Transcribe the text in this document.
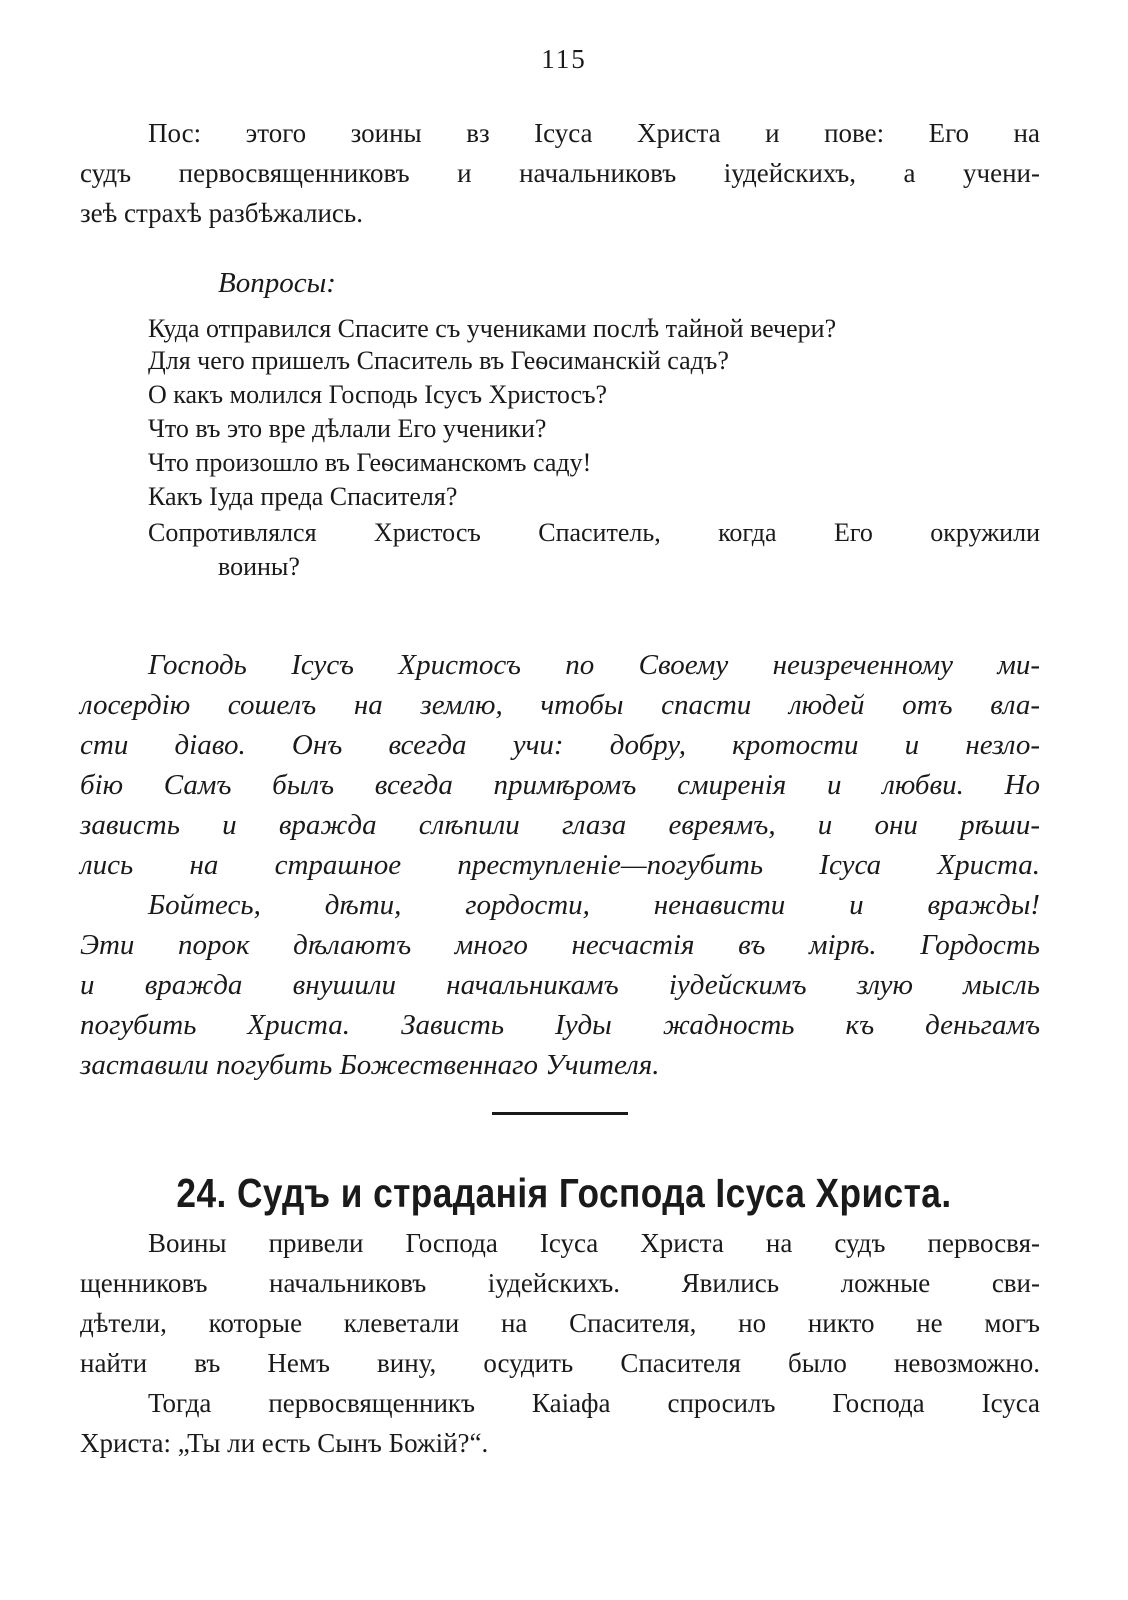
115
Пос: этого зоины вз Iсуса Христа и пове: Его на
судъ первосвященниковъ и начальниковъ iудейскихъ, а учени-
зеѣ страхѣ разбѣжались.
Вопросы:
Куда отправился Спасите съ учениками послѣ тайной вечери?
Для чего пришелъ Спаситель въ Геѳсиманскiй садъ?
О какъ молился Господь Iсусъ Христосъ?
Что въ это вре дѣлали Его ученики?
Что произошло въ Геѳсиманскомъ саду!
Какъ Iуда преда Спасителя?
Сопротивлялся Христосъ Спаситель, когда Его окружили
воины?
Господь Iсусъ Христосъ по Своему неизреченному ми-
лосердiю сошелъ на землю, чтобы спасти людей отъ вла-
сти дiаво. Онъ всегда учи: добру, кротости и незло-
бiю Самъ былъ всегда примѣромъ смиренiя и любви. Но
зависть и вражда слѣпили глаза евреямъ, и они рѣши-
лись на страшное преступленiе—погубить Iсуса Христа.
Бойтесь, дѣти, гордости, ненависти и вражды!
Эти порок дѣлаютъ много несчастiя въ мiрѣ. Гордость
и вражда внушили начальникамъ iудейскимъ злую мысль
погубить Христа. Зависть Iуды жадность къ деньгамъ
заставили погубить Божественнаго Учителя.
24. Судъ и страданiя Господа Iсуса Христа.
Воины привели Господа Iсуса Христа на судъ первосвя-
щенниковъ начальниковъ iудейскихъ. Явились ложные сви-
дѣтели, которые клеветали на Спасителя, но никто не могъ
найти въ Немъ вину, осудить Спасителя было невозможно.
Тогда первосвященникъ Каiафа спросилъ Господа Iсуса
Христа: „Ты ли есть Сынъ Божiй?“.
